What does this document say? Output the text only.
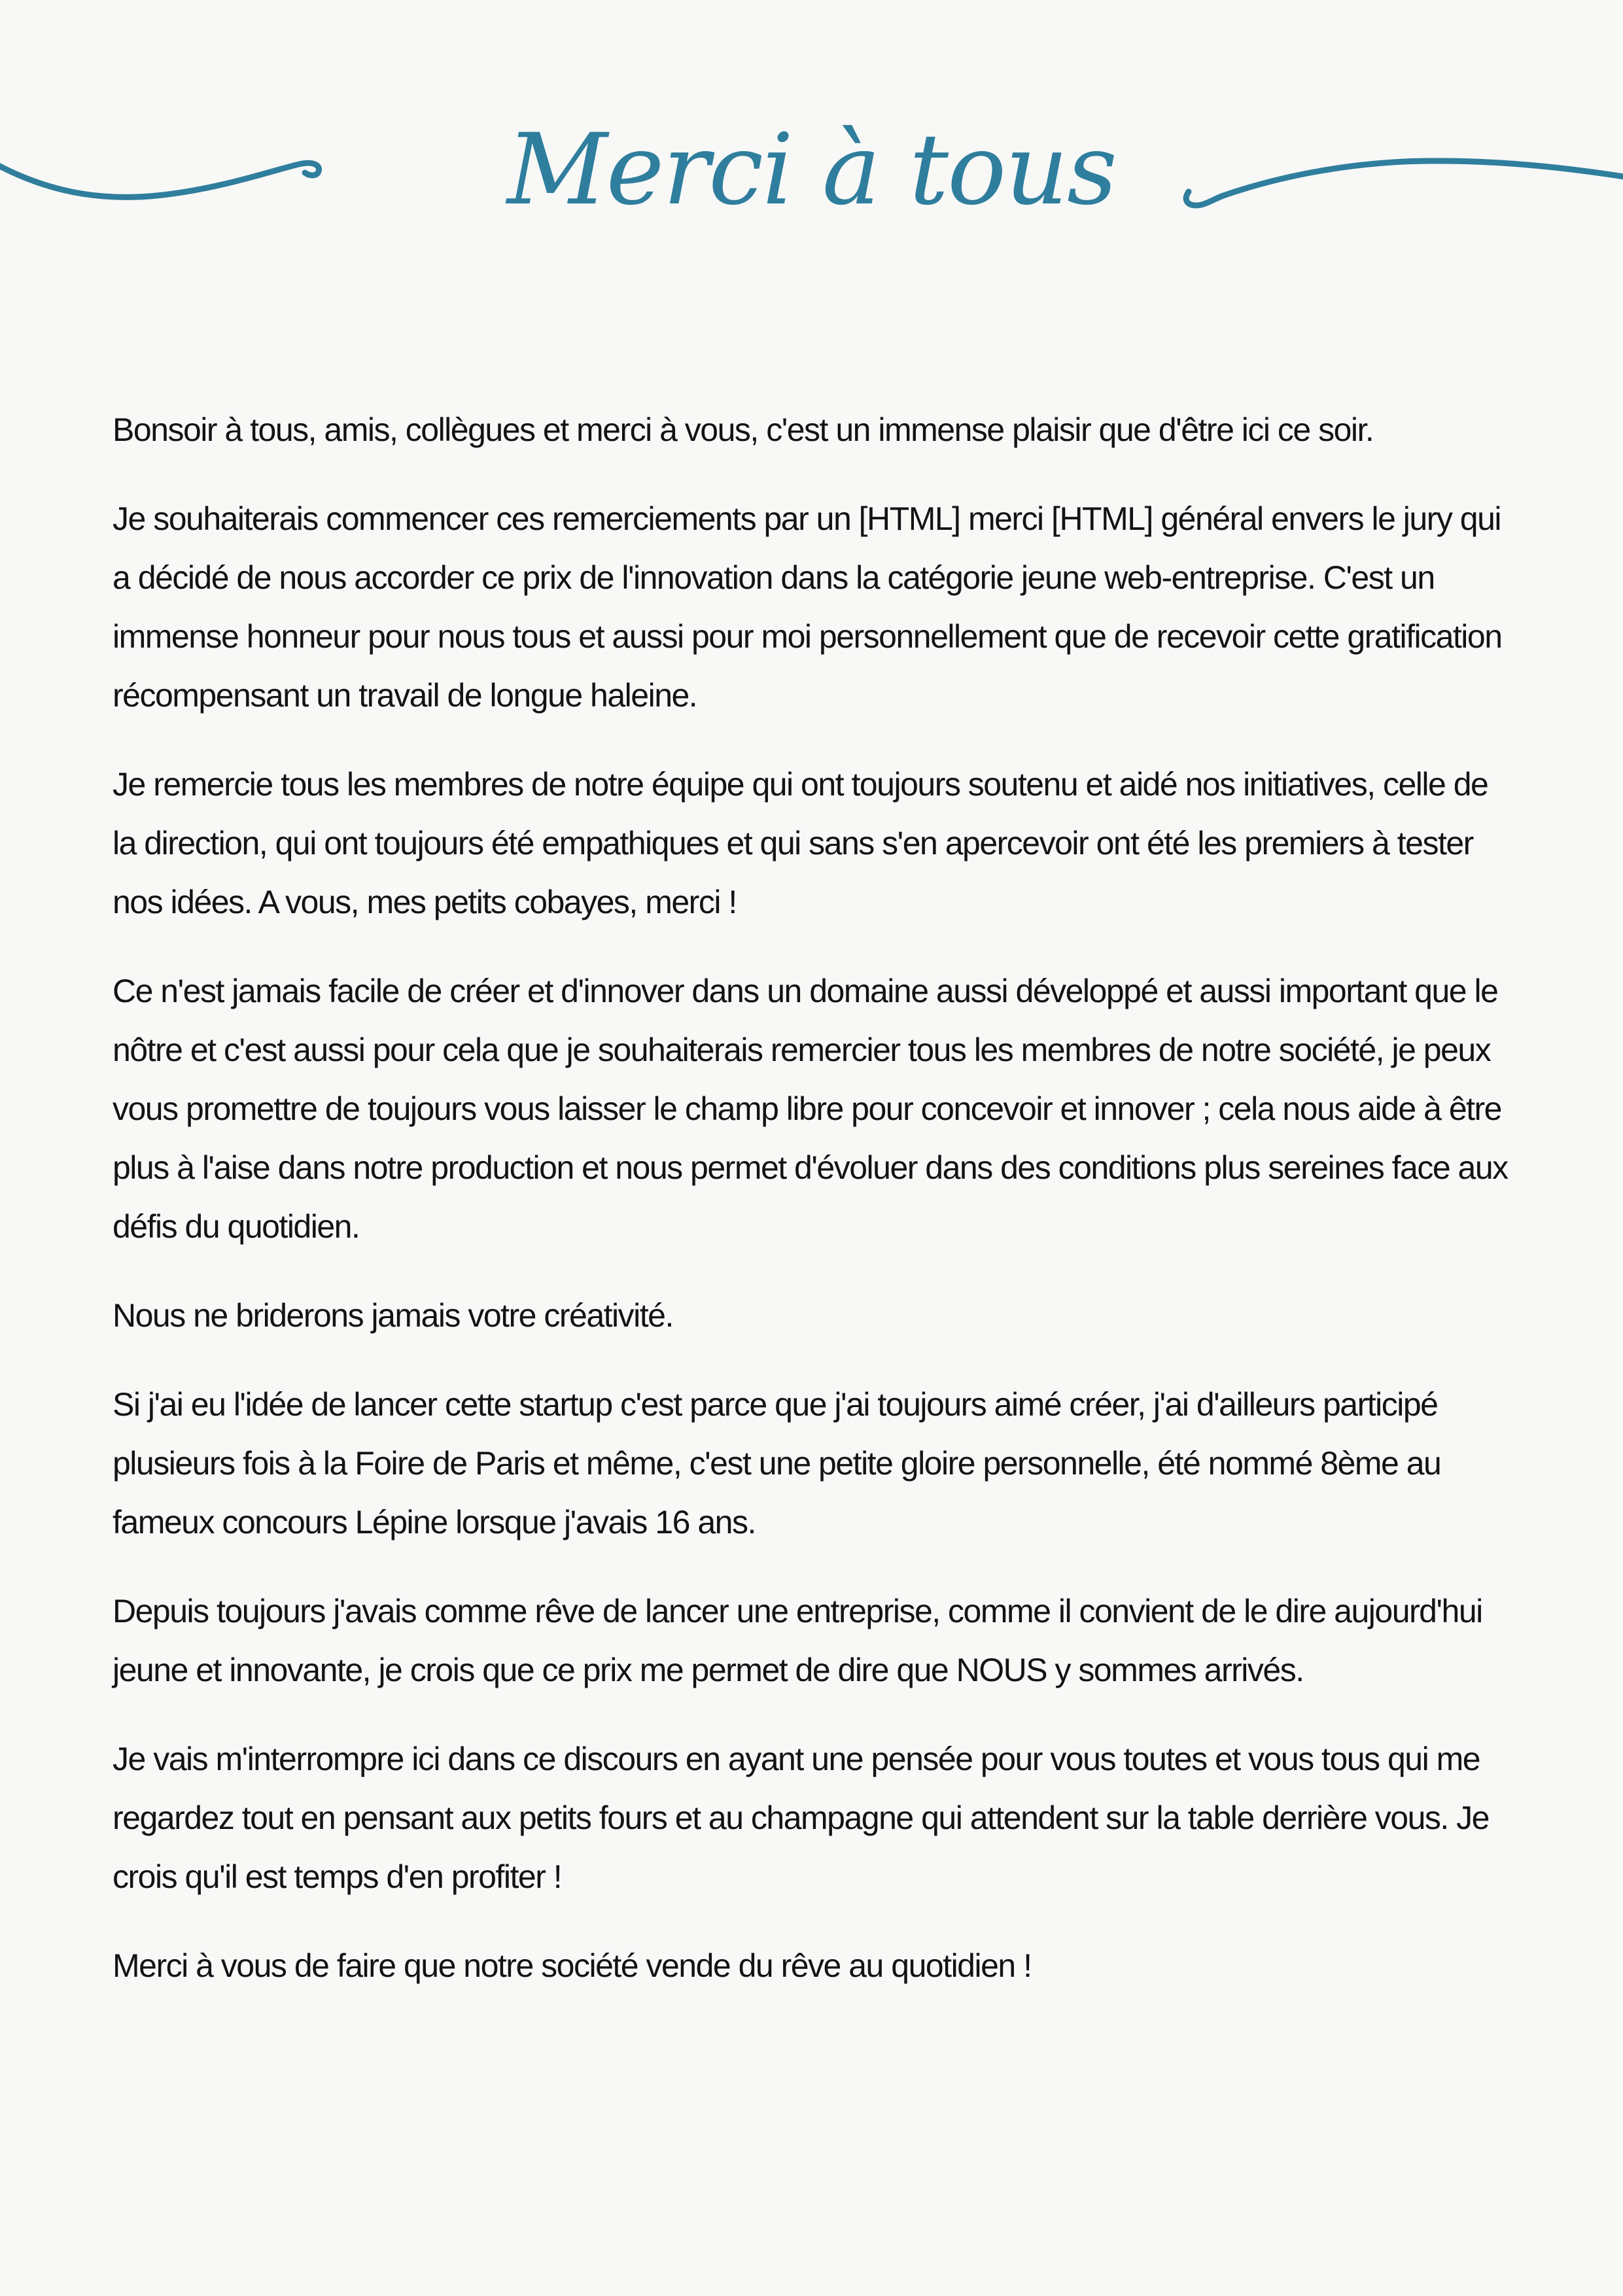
Merci à tous

Bonsoir à tous, amis, collègues et merci à vous, c'est un immense plaisir que d'être ici ce soir.

Je souhaiterais commencer ces remerciements par un [HTML] merci [HTML] général envers le jury qui a décidé de nous accorder ce prix de l'innovation dans la catégorie jeune web-entreprise. C'est un immense honneur pour nous tous et aussi pour moi personnellement que de recevoir cette gratification récompensant un travail de longue haleine.

Je remercie tous les membres de notre équipe qui ont toujours soutenu et aidé nos initiatives, celle de la direction, qui ont toujours été empathiques et qui sans s'en apercevoir ont été les premiers à tester nos idées. A vous, mes petits cobayes, merci !

Ce n'est jamais facile de créer et d'innover dans un domaine aussi développé et aussi important que le nôtre et c'est aussi pour cela que je souhaiterais remercier tous les membres de notre société, je peux vous promettre de toujours vous laisser le champ libre pour concevoir et innover ; cela nous aide à être plus à l'aise dans notre production et nous permet d'évoluer dans des conditions plus sereines face aux défis du quotidien.

Nous ne briderons jamais votre créativité.

Si j'ai eu l'idée de lancer cette startup c'est parce que j'ai toujours aimé créer, j'ai d'ailleurs participé plusieurs fois à la Foire de Paris et même, c'est une petite gloire personnelle, été nommé 8ème au fameux concours Lépine lorsque j'avais 16 ans.

Depuis toujours j'avais comme rêve de lancer une entreprise, comme il convient de le dire aujourd'hui jeune et innovante, je crois que ce prix me permet de dire que NOUS y sommes arrivés.

Je vais m'interrompre ici dans ce discours en ayant une pensée pour vous toutes et vous tous qui me regardez tout en pensant aux petits fours et au champagne qui attendent sur la table derrière vous. Je crois qu'il est temps d'en profiter !

Merci à vous de faire que notre société vende du rêve au quotidien !
